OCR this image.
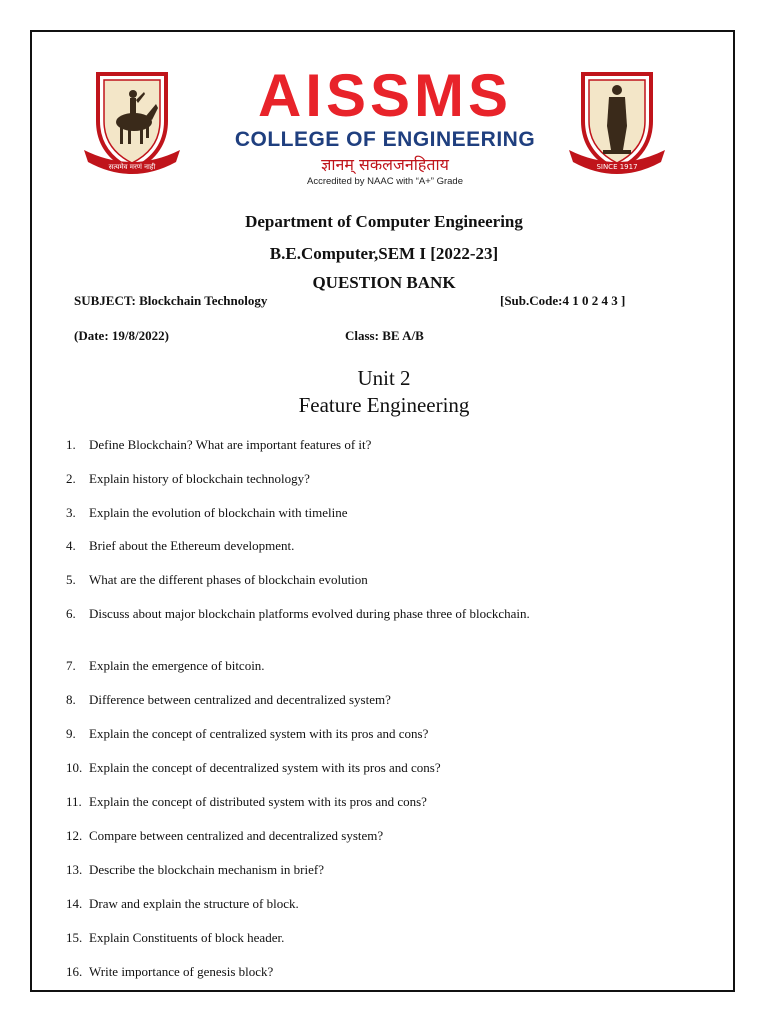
सत्यमेव मरणं नाही
AISSMS
COLLEGE OF ENGINEERING
ज्ञानम् सकलजनहिताय
Accredited by NAAC with “A+” Grade
SINCE 1917
Department of Computer Engineering
B.E.Computer,SEM I [2022-23]
QUESTION BANK
SUBJECT: Blockchain Technology	[Sub.Code:4 1 0 2 4 3 ]
(Date: 19/8/2022)	Class: BE A/B
Unit 2
Feature Engineering
1. Define Blockchain? What are important features of it?
2. Explain history of blockchain technology?
3. Explain the evolution of blockchain with timeline
4. Brief about the Ethereum development.
5. What are the different phases of blockchain evolution
6. Discuss about major blockchain platforms evolved during phase three of blockchain.
7. Explain the emergence of bitcoin.
8. Difference between centralized and decentralized system?
9. Explain the concept of centralized system with its pros and cons?
10. Explain the concept of decentralized system with its pros and cons?
11. Explain the concept of distributed system with its pros and cons?
12. Compare between centralized and decentralized system?
13. Describe the blockchain mechanism in brief?
14. Draw and explain the structure of block.
15. Explain Constituents of block header.
16. Write importance of genesis block?
